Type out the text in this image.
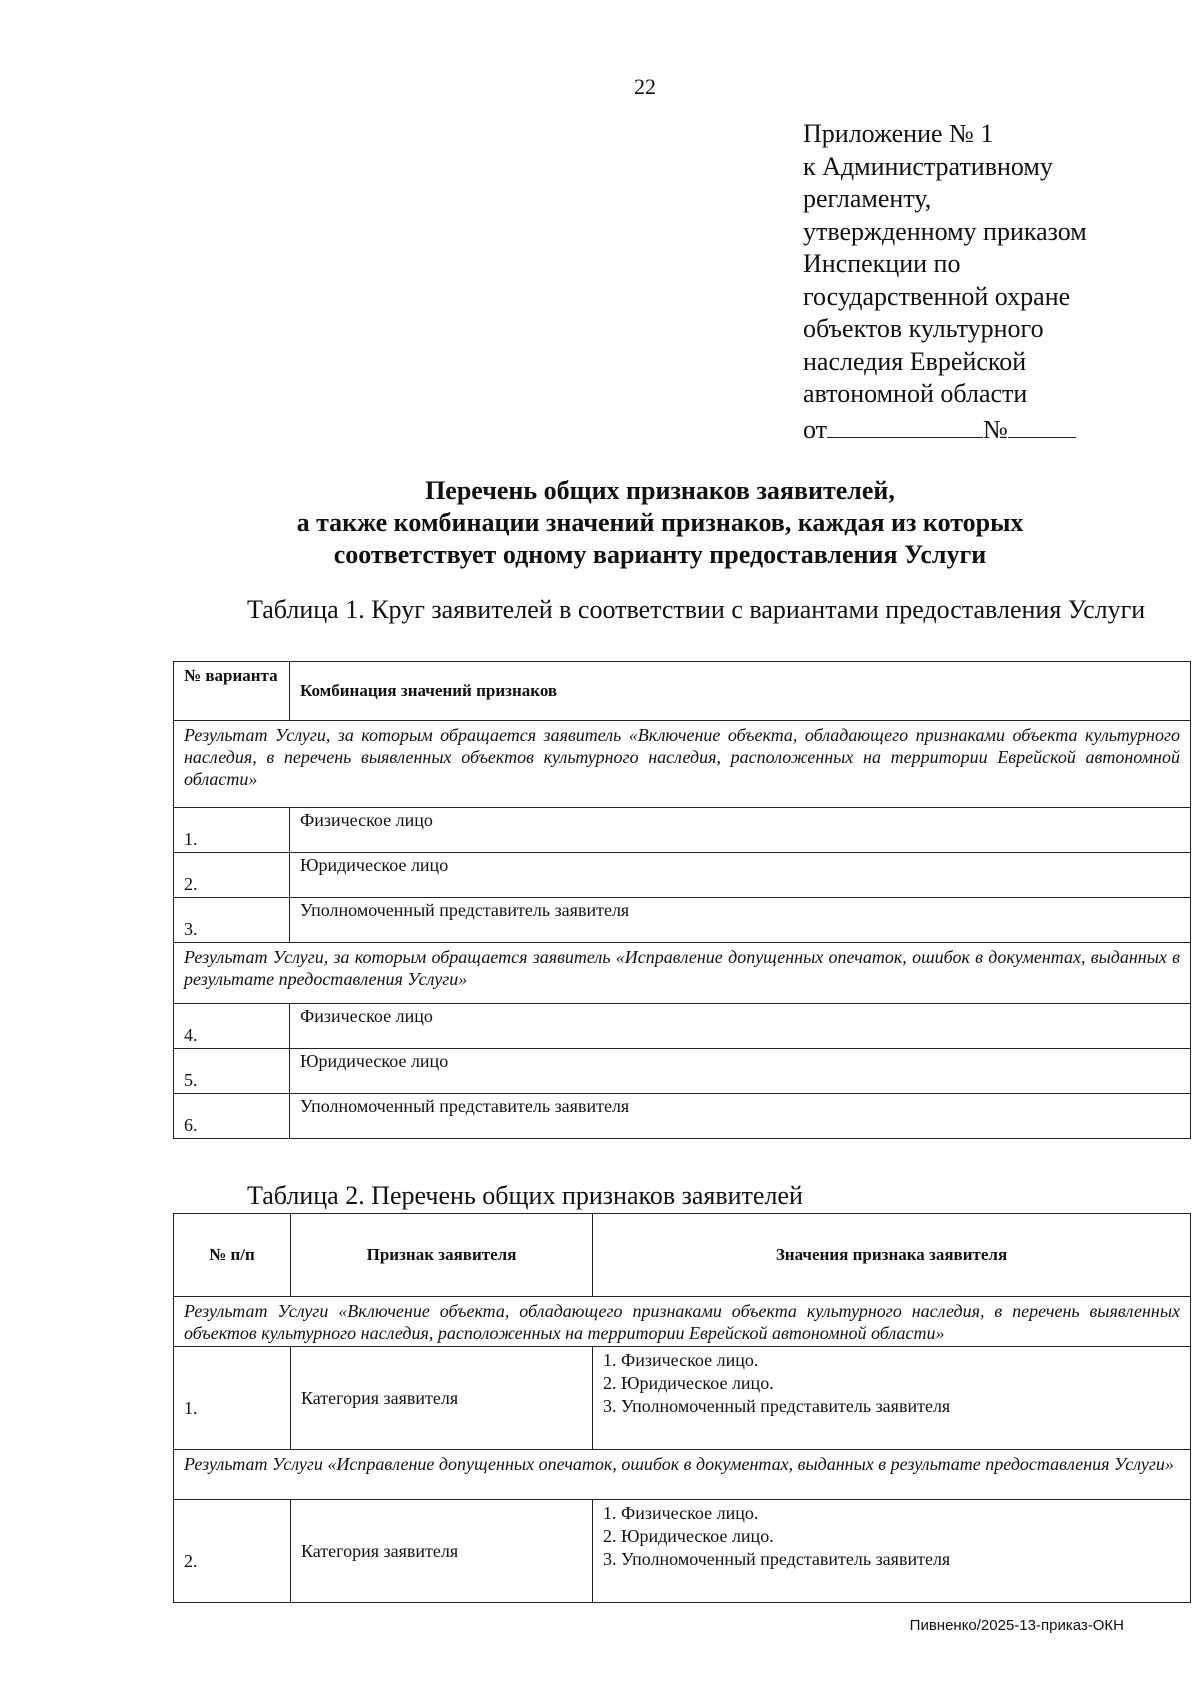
22
Приложение № 1
к Административному
регламенту,
утвержденному приказом
Инспекции по
государственной охране
объектов культурного
наследия Еврейской
автономной области
от	№
Перечень общих признаков заявителей,
а также комбинации значений признаков, каждая из которых
соответствует одному варианту предоставления Услуги
Таблица 1. Круг заявителей в соответствии с вариантами предоставления Услуги
№ варианта	Комбинация значений признаков
Результат Услуги, за которым обращается заявитель «Включение объекта, обладающего признаками объекта культурного наследия, в перечень выявленных объектов культурного наследия, расположенных на территории Еврейской автономной области»	
1.	Физическое лицо
2.	Юридическое лицо
3.	Уполномоченный представитель заявителя
Результат Услуги, за которым обращается заявитель «Исправление допущенных опечаток, ошибок в документах, выданных в результате предоставления Услуги»	
4.	Физическое лицо
5.	Юридическое лицо
6.	Уполномоченный представитель заявителя
Таблица 2. Перечень общих признаков заявителей
№ п/п	Признак заявителя	Значения признака заявителя
Результат Услуги «Включение объекта, обладающего признаками объекта культурного наследия, в перечень выявленных объектов культурного наследия, расположенных на территории Еврейской автономной области»		
1.	Категория заявителя	1. Физическое лицо.
2. Юридическое лицо.
3. Уполномоченный представитель заявителя

Результат Услуги «Исправление допущенных опечаток, ошибок в документах, выданных в результате предоставления Услуги»		
2.	Категория заявителя	1. Физическое лицо.
2. Юридическое лицо.
3. Уполномоченный представитель заявителя
Пивненко/2025-13-приказ-ОКН
